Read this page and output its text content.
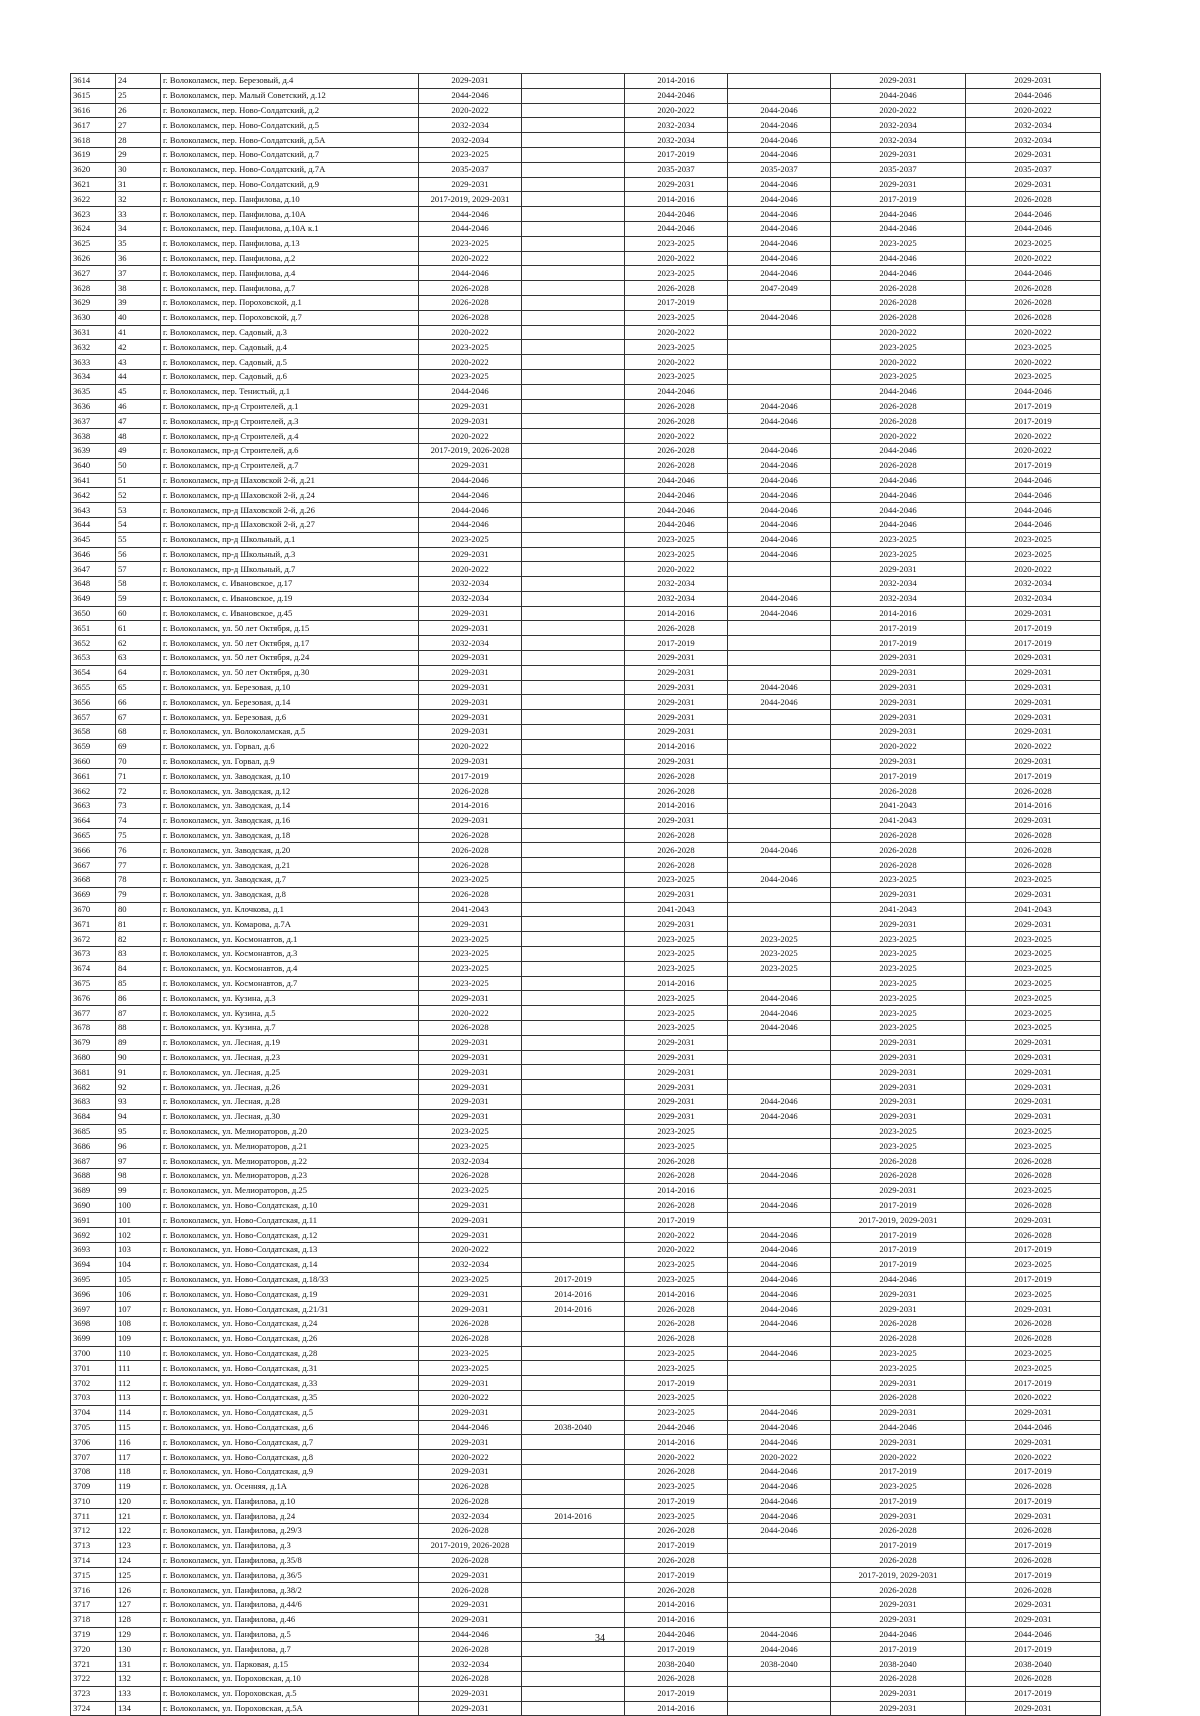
3614	24	г. Волоколамск, пер. Березовый, д.4	2029-2031		2014-2016		2029-2031	2029-2031
3615	25	г. Волоколамск, пер. Малый Советский, д.12	2044-2046		2044-2046		2044-2046	2044-2046
3616	26	г. Волоколамск, пер. Ново-Солдатский, д.2	2020-2022		2020-2022	2044-2046	2020-2022	2020-2022
3617	27	г. Волоколамск, пер. Ново-Солдатский, д.5	2032-2034		2032-2034	2044-2046	2032-2034	2032-2034
3618	28	г. Волоколамск, пер. Ново-Солдатский, д.5А	2032-2034		2032-2034	2044-2046	2032-2034	2032-2034
3619	29	г. Волоколамск, пер. Ново-Солдатский, д.7	2023-2025		2017-2019	2044-2046	2029-2031	2029-2031
3620	30	г. Волоколамск, пер. Ново-Солдатский, д.7А	2035-2037		2035-2037	2035-2037	2035-2037	2035-2037
3621	31	г. Волоколамск, пер. Ново-Солдатский, д.9	2029-2031		2029-2031	2044-2046	2029-2031	2029-2031
3622	32	г. Волоколамск, пер. Панфилова, д.10	2017-2019, 2029-2031		2014-2016	2044-2046	2017-2019	2026-2028
3623	33	г. Волоколамск, пер. Панфилова, д.10А	2044-2046		2044-2046	2044-2046	2044-2046	2044-2046
3624	34	г. Волоколамск, пер. Панфилова, д.10А к.1	2044-2046		2044-2046	2044-2046	2044-2046	2044-2046
3625	35	г. Волоколамск, пер. Панфилова, д.13	2023-2025		2023-2025	2044-2046	2023-2025	2023-2025
3626	36	г. Волоколамск, пер. Панфилова, д.2	2020-2022		2020-2022	2044-2046	2044-2046	2020-2022
3627	37	г. Волоколамск, пер. Панфилова, д.4	2044-2046		2023-2025	2044-2046	2044-2046	2044-2046
3628	38	г. Волоколамск, пер. Панфилова, д.7	2026-2028		2026-2028	2047-2049	2026-2028	2026-2028
3629	39	г. Волоколамск, пер. Пороховской, д.1	2026-2028		2017-2019		2026-2028	2026-2028
3630	40	г. Волоколамск, пер. Пороховской, д.7	2026-2028		2023-2025	2044-2046	2026-2028	2026-2028
3631	41	г. Волоколамск, пер. Садовый, д.3	2020-2022		2020-2022		2020-2022	2020-2022
3632	42	г. Волоколамск, пер. Садовый, д.4	2023-2025		2023-2025		2023-2025	2023-2025
3633	43	г. Волоколамск, пер. Садовый, д.5	2020-2022		2020-2022		2020-2022	2020-2022
3634	44	г. Волоколамск, пер. Садовый, д.6	2023-2025		2023-2025		2023-2025	2023-2025
3635	45	г. Волоколамск, пер. Тенистый, д.1	2044-2046		2044-2046		2044-2046	2044-2046
3636	46	г. Волоколамск, пр-д Строителей, д.1	2029-2031		2026-2028	2044-2046	2026-2028	2017-2019
3637	47	г. Волоколамск, пр-д Строителей, д.3	2029-2031		2026-2028	2044-2046	2026-2028	2017-2019
3638	48	г. Волоколамск, пр-д Строителей, д.4	2020-2022		2020-2022		2020-2022	2020-2022
3639	49	г. Волоколамск, пр-д Строителей, д.6	2017-2019, 2026-2028		2026-2028	2044-2046	2044-2046	2020-2022
3640	50	г. Волоколамск, пр-д Строителей, д.7	2029-2031		2026-2028	2044-2046	2026-2028	2017-2019
3641	51	г. Волоколамск, пр-д Шаховской 2-й, д.21	2044-2046		2044-2046	2044-2046	2044-2046	2044-2046
3642	52	г. Волоколамск, пр-д Шаховской 2-й, д.24	2044-2046		2044-2046	2044-2046	2044-2046	2044-2046
3643	53	г. Волоколамск, пр-д Шаховской 2-й, д.26	2044-2046		2044-2046	2044-2046	2044-2046	2044-2046
3644	54	г. Волоколамск, пр-д Шаховской 2-й, д.27	2044-2046		2044-2046	2044-2046	2044-2046	2044-2046
3645	55	г. Волоколамск, пр-д Школьный, д.1	2023-2025		2023-2025	2044-2046	2023-2025	2023-2025
3646	56	г. Волоколамск, пр-д Школьный, д.3	2029-2031		2023-2025	2044-2046	2023-2025	2023-2025
3647	57	г. Волоколамск, пр-д Школьный, д.7	2020-2022		2020-2022		2029-2031	2020-2022
3648	58	г. Волоколамск, с. Ивановское, д.17	2032-2034		2032-2034		2032-2034	2032-2034
3649	59	г. Волоколамск, с. Ивановское, д.19	2032-2034		2032-2034	2044-2046	2032-2034	2032-2034
3650	60	г. Волоколамск, с. Ивановское, д.45	2029-2031		2014-2016	2044-2046	2014-2016	2029-2031
3651	61	г. Волоколамск, ул. 50 лет Октября, д.15	2029-2031		2026-2028		2017-2019	2017-2019
3652	62	г. Волоколамск, ул. 50 лет Октября, д.17	2032-2034		2017-2019		2017-2019	2017-2019
3653	63	г. Волоколамск, ул. 50 лет Октября, д.24	2029-2031		2029-2031		2029-2031	2029-2031
3654	64	г. Волоколамск, ул. 50 лет Октября, д.30	2029-2031		2029-2031		2029-2031	2029-2031
3655	65	г. Волоколамск, ул. Березовая, д.10	2029-2031		2029-2031	2044-2046	2029-2031	2029-2031
3656	66	г. Волоколамск, ул. Березовая, д.14	2029-2031		2029-2031	2044-2046	2029-2031	2029-2031
3657	67	г. Волоколамск, ул. Березовая, д.6	2029-2031		2029-2031		2029-2031	2029-2031
3658	68	г. Волоколамск, ул. Волоколамская, д.5	2029-2031		2029-2031		2029-2031	2029-2031
3659	69	г. Волоколамск, ул. Горвал, д.6	2020-2022		2014-2016		2020-2022	2020-2022
3660	70	г. Волоколамск, ул. Горвал, д.9	2029-2031		2029-2031		2029-2031	2029-2031
3661	71	г. Волоколамск, ул. Заводская, д.10	2017-2019		2026-2028		2017-2019	2017-2019
3662	72	г. Волоколамск, ул. Заводская, д.12	2026-2028		2026-2028		2026-2028	2026-2028
3663	73	г. Волоколамск, ул. Заводская, д.14	2014-2016		2014-2016		2041-2043	2014-2016
3664	74	г. Волоколамск, ул. Заводская, д.16	2029-2031		2029-2031		2041-2043	2029-2031
3665	75	г. Волоколамск, ул. Заводская, д.18	2026-2028		2026-2028		2026-2028	2026-2028
3666	76	г. Волоколамск, ул. Заводская, д.20	2026-2028		2026-2028	2044-2046	2026-2028	2026-2028
3667	77	г. Волоколамск, ул. Заводская, д.21	2026-2028		2026-2028		2026-2028	2026-2028
3668	78	г. Волоколамск, ул. Заводская, д.7	2023-2025		2023-2025	2044-2046	2023-2025	2023-2025
3669	79	г. Волоколамск, ул. Заводская, д.8	2026-2028		2029-2031		2029-2031	2029-2031
3670	80	г. Волоколамск, ул. Клочкова, д.1	2041-2043		2041-2043		2041-2043	2041-2043
3671	81	г. Волоколамск, ул. Комарова, д.7А	2029-2031		2029-2031		2029-2031	2029-2031
3672	82	г. Волоколамск, ул. Космонавтов, д.1	2023-2025		2023-2025	2023-2025	2023-2025	2023-2025
3673	83	г. Волоколамск, ул. Космонавтов, д.3	2023-2025		2023-2025	2023-2025	2023-2025	2023-2025
3674	84	г. Волоколамск, ул. Космонавтов, д.4	2023-2025		2023-2025	2023-2025	2023-2025	2023-2025
3675	85	г. Волоколамск, ул. Космонавтов, д.7	2023-2025		2014-2016		2023-2025	2023-2025
3676	86	г. Волоколамск, ул. Кузина, д.3	2029-2031		2023-2025	2044-2046	2023-2025	2023-2025
3677	87	г. Волоколамск, ул. Кузина, д.5	2020-2022		2023-2025	2044-2046	2023-2025	2023-2025
3678	88	г. Волоколамск, ул. Кузина, д.7	2026-2028		2023-2025	2044-2046	2023-2025	2023-2025
3679	89	г. Волоколамск, ул. Лесная, д.19	2029-2031		2029-2031		2029-2031	2029-2031
3680	90	г. Волоколамск, ул. Лесная, д.23	2029-2031		2029-2031		2029-2031	2029-2031
3681	91	г. Волоколамск, ул. Лесная, д.25	2029-2031		2029-2031		2029-2031	2029-2031
3682	92	г. Волоколамск, ул. Лесная, д.26	2029-2031		2029-2031		2029-2031	2029-2031
3683	93	г. Волоколамск, ул. Лесная, д.28	2029-2031		2029-2031	2044-2046	2029-2031	2029-2031
3684	94	г. Волоколамск, ул. Лесная, д.30	2029-2031		2029-2031	2044-2046	2029-2031	2029-2031
3685	95	г. Волоколамск, ул. Мелиораторов, д.20	2023-2025		2023-2025		2023-2025	2023-2025
3686	96	г. Волоколамск, ул. Мелиораторов, д.21	2023-2025		2023-2025		2023-2025	2023-2025
3687	97	г. Волоколамск, ул. Мелиораторов, д.22	2032-2034		2026-2028		2026-2028	2026-2028
3688	98	г. Волоколамск, ул. Мелиораторов, д.23	2026-2028		2026-2028	2044-2046	2026-2028	2026-2028
3689	99	г. Волоколамск, ул. Мелиораторов, д.25	2023-2025		2014-2016		2029-2031	2023-2025
3690	100	г. Волоколамск, ул. Ново-Солдатская, д.10	2029-2031		2026-2028	2044-2046	2017-2019	2026-2028
3691	101	г. Волоколамск, ул. Ново-Солдатская, д.11	2029-2031		2017-2019		2017-2019, 2029-2031	2029-2031
3692	102	г. Волоколамск, ул. Ново-Солдатская, д.12	2029-2031		2020-2022	2044-2046	2017-2019	2026-2028
3693	103	г. Волоколамск, ул. Ново-Солдатская, д.13	2020-2022		2020-2022	2044-2046	2017-2019	2017-2019
3694	104	г. Волоколамск, ул. Ново-Солдатская, д.14	2032-2034		2023-2025	2044-2046	2017-2019	2023-2025
3695	105	г. Волоколамск, ул. Ново-Солдатская, д.18/33	2023-2025	2017-2019	2023-2025	2044-2046	2044-2046	2017-2019
3696	106	г. Волоколамск, ул. Ново-Солдатская, д.19	2029-2031	2014-2016	2014-2016	2044-2046	2029-2031	2023-2025
3697	107	г. Волоколамск, ул. Ново-Солдатская, д.21/31	2029-2031	2014-2016	2026-2028	2044-2046	2029-2031	2029-2031
3698	108	г. Волоколамск, ул. Ново-Солдатская, д.24	2026-2028		2026-2028	2044-2046	2026-2028	2026-2028
3699	109	г. Волоколамск, ул. Ново-Солдатская, д.26	2026-2028		2026-2028		2026-2028	2026-2028
3700	110	г. Волоколамск, ул. Ново-Солдатская, д.28	2023-2025		2023-2025	2044-2046	2023-2025	2023-2025
3701	111	г. Волоколамск, ул. Ново-Солдатская, д.31	2023-2025		2023-2025		2023-2025	2023-2025
3702	112	г. Волоколамск, ул. Ново-Солдатская, д.33	2029-2031		2017-2019		2029-2031	2017-2019
3703	113	г. Волоколамск, ул. Ново-Солдатская, д.35	2020-2022		2023-2025		2026-2028	2020-2022
3704	114	г. Волоколамск, ул. Ново-Солдатская, д.5	2029-2031		2023-2025	2044-2046	2029-2031	2029-2031
3705	115	г. Волоколамск, ул. Ново-Солдатская, д.6	2044-2046	2038-2040	2044-2046	2044-2046	2044-2046	2044-2046
3706	116	г. Волоколамск, ул. Ново-Солдатская, д.7	2029-2031		2014-2016	2044-2046	2029-2031	2029-2031
3707	117	г. Волоколамск, ул. Ново-Солдатская, д.8	2020-2022		2020-2022	2020-2022	2020-2022	2020-2022
3708	118	г. Волоколамск, ул. Ново-Солдатская, д.9	2029-2031		2026-2028	2044-2046	2017-2019	2017-2019
3709	119	г. Волоколамск, ул. Осенняя, д.1А	2026-2028		2023-2025	2044-2046	2023-2025	2026-2028
3710	120	г. Волоколамск, ул. Панфилова, д.10	2026-2028		2017-2019	2044-2046	2017-2019	2017-2019
3711	121	г. Волоколамск, ул. Панфилова, д.24	2032-2034	2014-2016	2023-2025	2044-2046	2029-2031	2029-2031
3712	122	г. Волоколамск, ул. Панфилова, д.29/3	2026-2028		2026-2028	2044-2046	2026-2028	2026-2028
3713	123	г. Волоколамск, ул. Панфилова, д.3	2017-2019, 2026-2028		2017-2019		2017-2019	2017-2019
3714	124	г. Волоколамск, ул. Панфилова, д.35/8	2026-2028		2026-2028		2026-2028	2026-2028
3715	125	г. Волоколамск, ул. Панфилова, д.36/5	2029-2031		2017-2019		2017-2019, 2029-2031	2017-2019
3716	126	г. Волоколамск, ул. Панфилова, д.38/2	2026-2028		2026-2028		2026-2028	2026-2028
3717	127	г. Волоколамск, ул. Панфилова, д.44/6	2029-2031		2014-2016		2029-2031	2029-2031
3718	128	г. Волоколамск, ул. Панфилова, д.46	2029-2031		2014-2016		2029-2031	2029-2031
3719	129	г. Волоколамск, ул. Панфилова, д.5	2044-2046		2044-2046	2044-2046	2044-2046	2044-2046
3720	130	г. Волоколамск, ул. Панфилова, д.7	2026-2028		2017-2019	2044-2046	2017-2019	2017-2019
3721	131	г. Волоколамск, ул. Парковая, д.15	2032-2034		2038-2040	2038-2040	2038-2040	2038-2040
3722	132	г. Волоколамск, ул. Пороховская, д.10	2026-2028		2026-2028		2026-2028	2026-2028
3723	133	г. Волоколамск, ул. Пороховская, д.5	2029-2031		2017-2019		2029-2031	2017-2019
3724	134	г. Волоколамск, ул. Пороховская, д.5А	2029-2031		2014-2016		2029-2031	2029-2031
34
